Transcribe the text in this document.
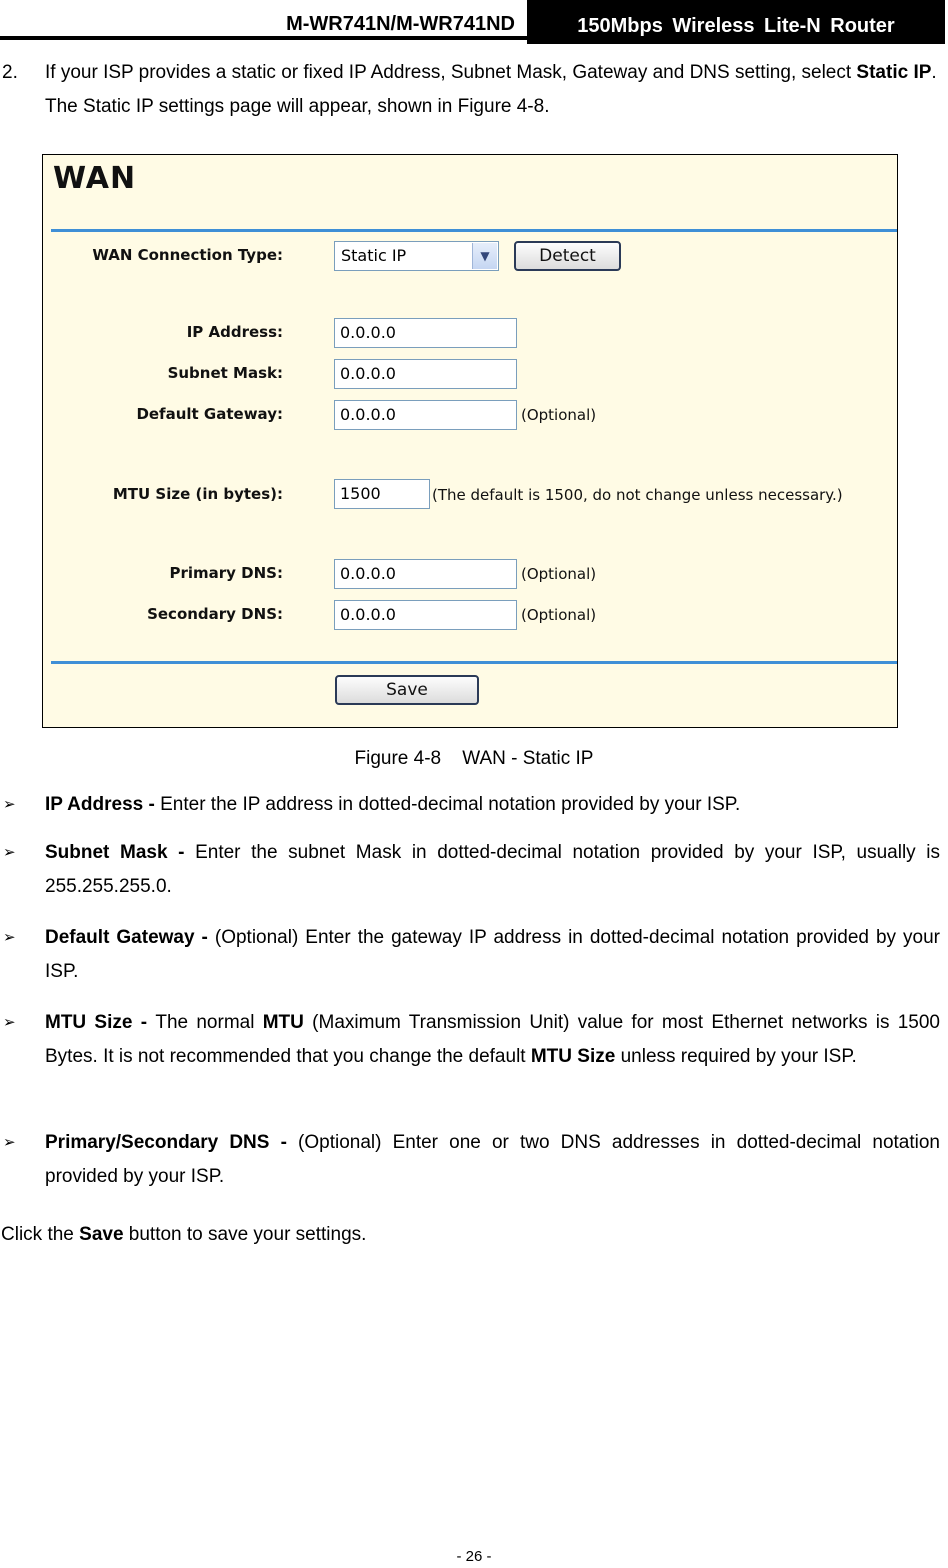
M-WR741N/M-WR741ND	150Mbps Wireless Lite-N Router
2. If your ISP provides a static or fixed IP Address, Subnet Mask, Gateway and DNS setting, select Static IP. The Static IP settings page will appear, shown in Figure 4-8.
WAN
WAN Connection Type:	Static IP	▼	Detect
IP Address:	0.0.0.0
Subnet Mask:	0.0.0.0
Default Gateway:	0.0.0.0	(Optional)
MTU Size (in bytes):	1500	(The default is 1500, do not change unless necessary.)
Primary DNS:	0.0.0.0	(Optional)
Secondary DNS:	0.0.0.0	(Optional)
Save
Figure 4-8    WAN - Static IP
➢ IP Address - Enter the IP address in dotted-decimal notation provided by your ISP.
➢ Subnet Mask - Enter the subnet Mask in dotted-decimal notation provided by your ISP, usually is 255.255.255.0.
➢ Default Gateway - (Optional) Enter the gateway IP address in dotted-decimal notation provided by your ISP.
➢ MTU Size - The normal MTU (Maximum Transmission Unit) value for most Ethernet networks is 1500 Bytes. It is not recommended that you change the default MTU Size unless required by your ISP.
➢ Primary/Secondary DNS - (Optional) Enter one or two DNS addresses in dotted-decimal notation provided by your ISP.
Click the Save button to save your settings.
- 26 -
